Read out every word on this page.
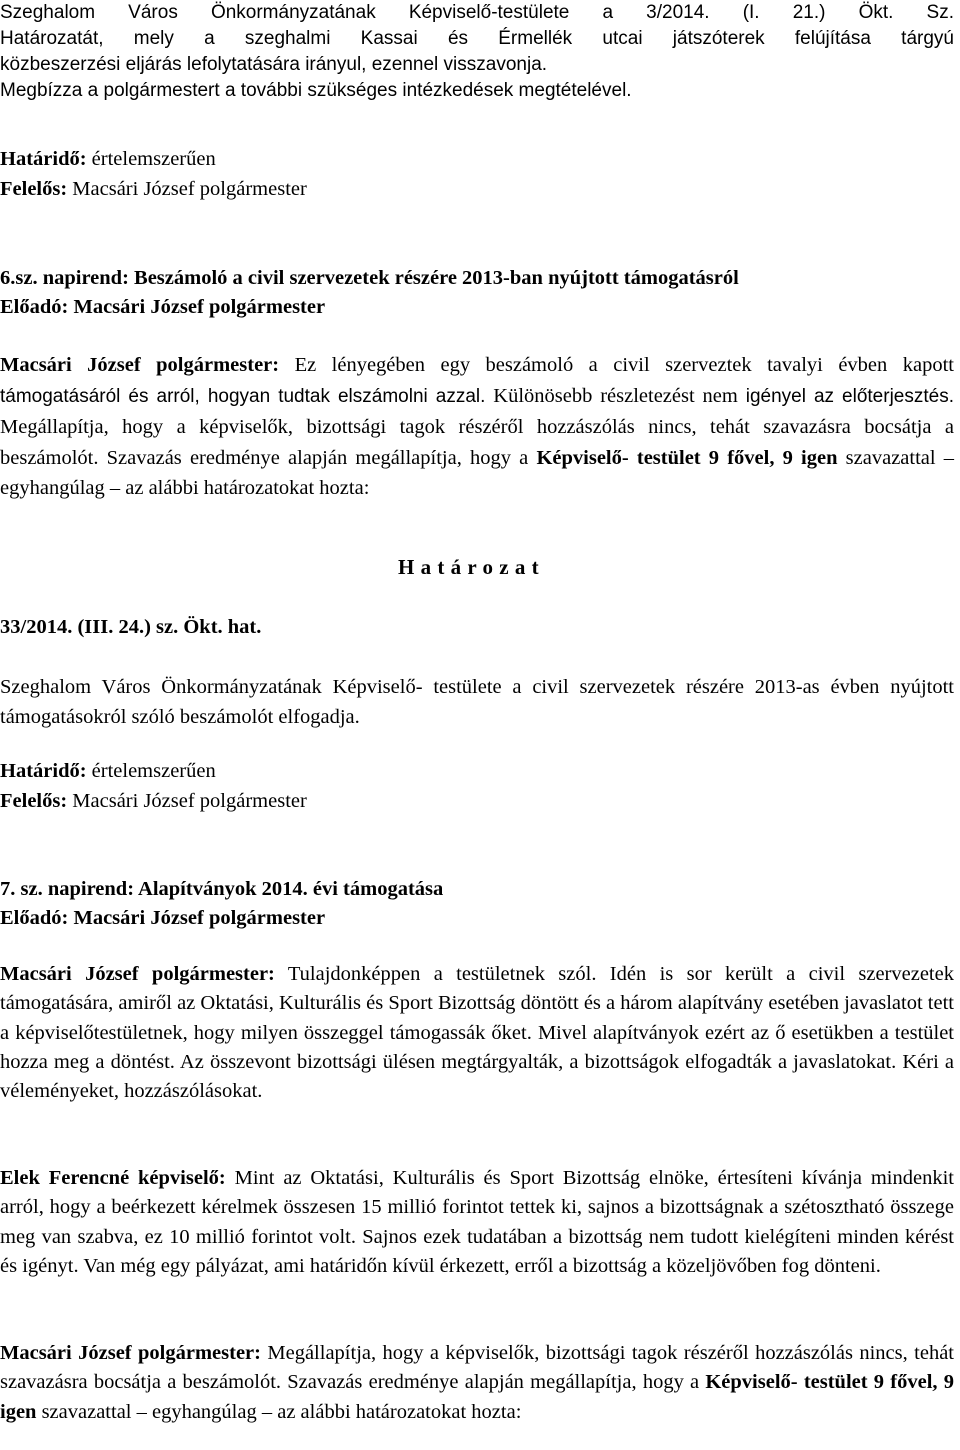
Szeghalom Város Önkormányzatának Képviselő-testülete a 3/2014. (I. 21.) Ökt. Sz.

Határozatát, mely a szeghalmi Kassai és Érmellék utcai játszóterek felújítása tárgyú

közbeszerzési eljárás lefolytatására irányul, ezennel visszavonja.

Megbízza a polgármestert a további szükséges intézkedések megtételével.

Határidő: értelemszerűen
Felelős: Macsári József polgármester
6.sz. napirend: Beszámoló a civil szervezetek részére 2013-ban nyújtott támogatásról
Előadó: Macsári József polgármester
Macsári József polgármester: Ez lényegében egy beszámoló a civil szerveztek tavalyi évben kapott támogatásáról és arról, hogyan tudtak elszámolni azzal. Különösebb részletezést nem igényel az előterjesztés. Megállapítja, hogy a képviselők, bizottsági tagok részéről hozzászólás nincs, tehát szavazásra bocsátja a beszámolót. Szavazás eredménye alapján megállapítja, hogy a Képviselő- testület 9 fővel, 9 igen szavazattal – egyhangúlag – az alábbi határozatokat hozta:
H a t á r o z a t
33/2014. (III. 24.) sz. Ökt. hat.
Szeghalom Város Önkormányzatának Képviselő- testülete a civil szervezetek részére 2013-as évben nyújtott támogatásokról szóló beszámolót elfogadja.
Határidő: értelemszerűen
Felelős: Macsári József polgármester
7. sz. napirend: Alapítványok 2014. évi támogatása
Előadó: Macsári József polgármester
Macsári József polgármester: Tulajdonképpen a testületnek szól. Idén is sor került a civil szervezetek támogatására, amiről az Oktatási, Kulturális és Sport Bizottság döntött és a három alapítvány esetében javaslatot tett a képviselőtestületnek, hogy milyen összeggel támogassák őket. Mivel alapítványok ezért az ő esetükben a testület hozza meg a döntést. Az összevont bizottsági ülésen megtárgyalták, a bizottságok elfogadták a javaslatokat. Kéri a véleményeket, hozzászólásokat.
Elek Ferencné képviselő: Mint az Oktatási, Kulturális és Sport Bizottság elnöke, értesíteni kívánja mindenkit arról, hogy a beérkezett kérelmek összesen 15 millió forintot tettek ki, sajnos a bizottságnak a szétosztható összege meg van szabva, ez 10 millió forintot volt. Sajnos ezek tudatában a bizottság nem tudott kielégíteni minden kérést és igényt. Van még egy pályázat, ami határidőn kívül érkezett, erről a bizottság a közeljövőben fog dönteni.
Macsári József polgármester: Megállapítja, hogy a képviselők, bizottsági tagok részéről hozzászólás nincs, tehát szavazásra bocsátja a beszámolót. Szavazás eredménye alapján megállapítja, hogy a Képviselő- testület 9 fővel, 9 igen szavazattal – egyhangúlag – az alábbi határozatokat hozta:
